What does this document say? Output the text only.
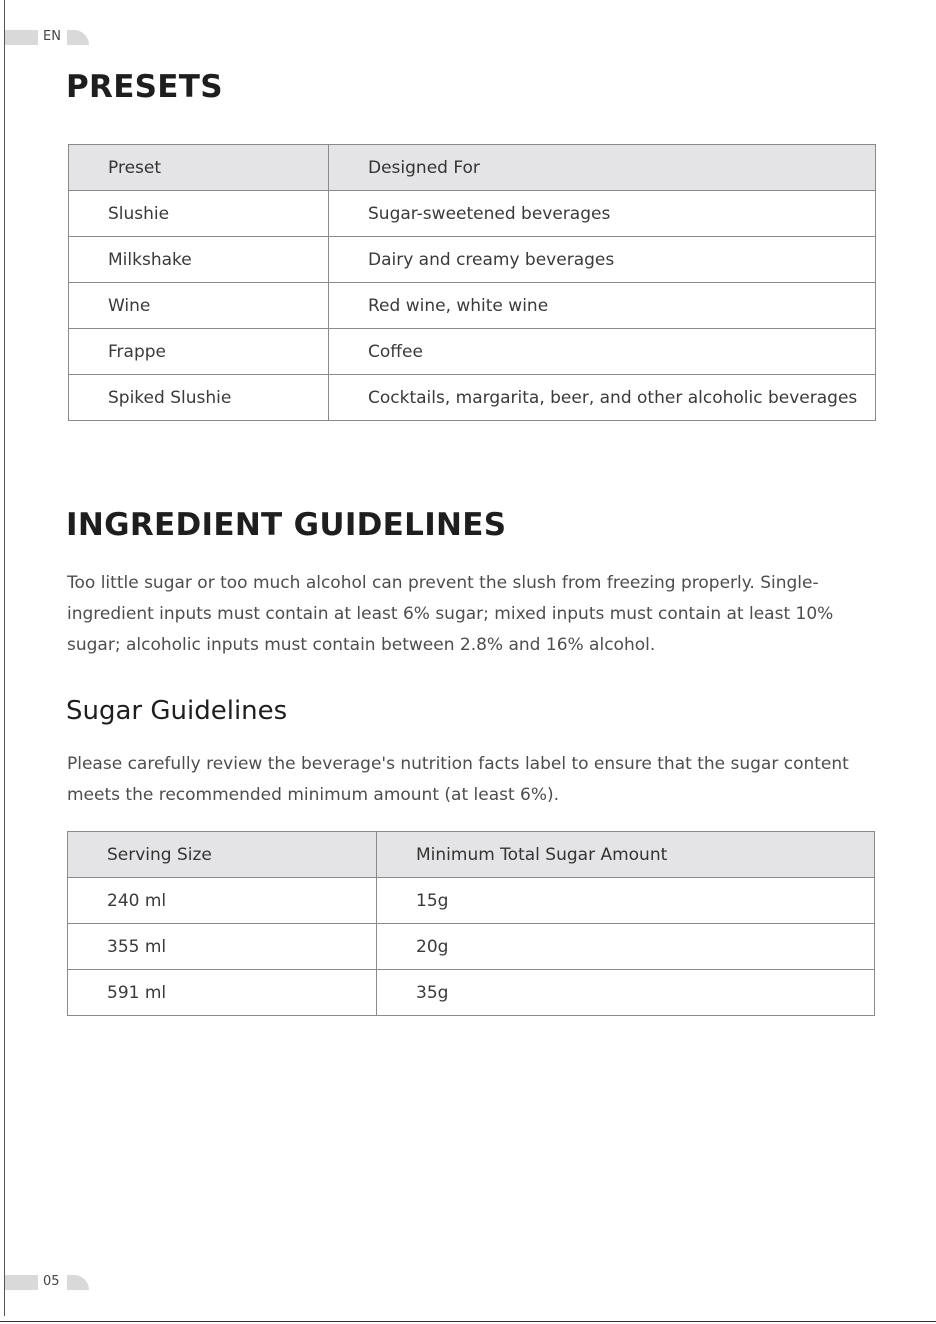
EN
PRESETS
Preset	Designed For
Slushie	Sugar-sweetened beverages
Milkshake	Dairy and creamy beverages
Wine	Red wine, white wine
Frappe	Coffee
Spiked Slushie	Cocktails, margarita, beer, and other alcoholic beverages
INGREDIENT GUIDELINES

Too little sugar or too much alcohol can prevent the slush from freezing properly. Single-ingredient inputs must contain at least 6% sugar; mixed inputs must contain at least 10% sugar; alcoholic inputs must contain between 2.8% and 16% alcohol.

Sugar Guidelines

Please carefully review the beverage's nutrition facts label to ensure that the sugar content meets the recommended minimum amount (at least 6%).

Serving Size	Minimum Total Sugar Amount
240 ml	15g
355 ml	20g
591 ml	35g
05
